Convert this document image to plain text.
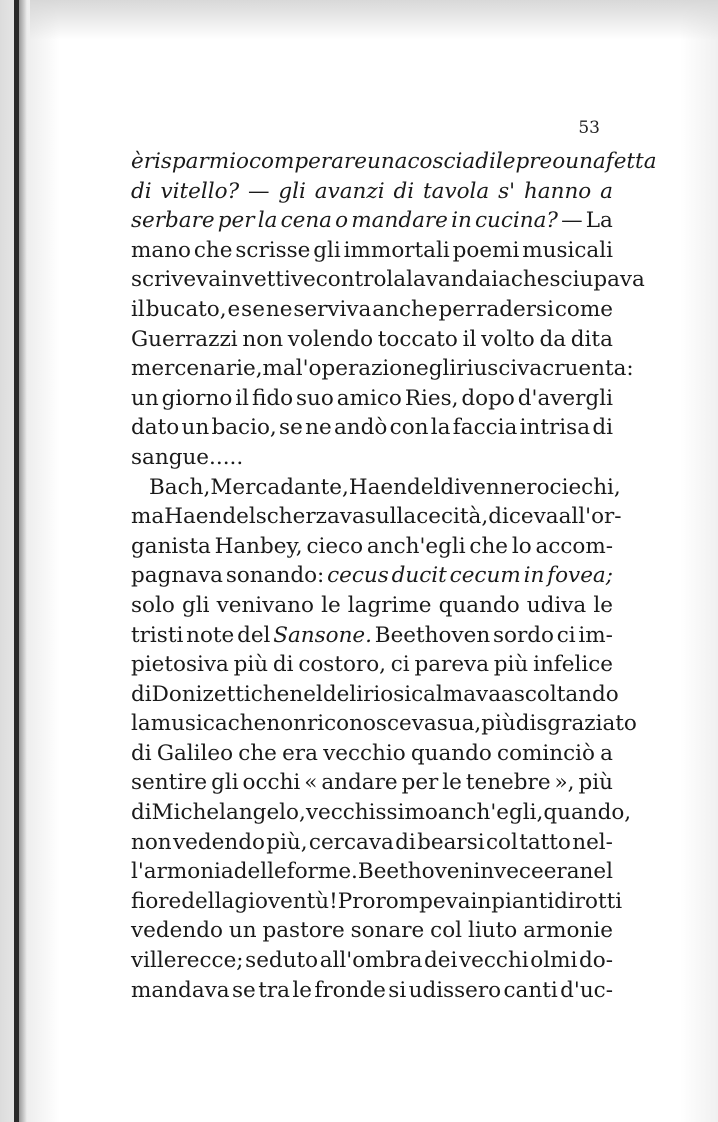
53
è risparmio comperare una coscia di lepre o una fetta
di vitello? — gli avanzi di tavola s' hanno a
serbare per la cena o mandare in cucina? — La
mano che scrisse gli immortali poemi musicali
scriveva invettive contro la lavandaia che sciupava
il bucato, e se ne serviva anche per radersi come
Guerrazzi non volendo toccato il volto da dita
mercenarie, ma l'operazione gli riusciva cruenta:
un giorno il fido suo amico Ries, dopo d'avergli
dato un bacio, se ne andò con la faccia intrisa di
sangue.....
Bach, Mercadante, Haendel divennero ciechi,
ma Haendel scherzava sulla cecità, diceva all'or-
ganista Hanbey, cieco anch'egli che lo accom-
pagnava sonando: cecus ducit cecum in fovea;
solo gli venivano le lagrime quando udiva le
tristi note del Sansone. Beethoven sordo ci im-
pietosiva più di costoro, ci pareva più infelice
di Donizetti che nel delirio si calmava ascoltando
la musica che non riconosceva sua, più disgraziato
di Galileo che era vecchio quando cominciò a
sentire gli occhi « andare per le tenebre », più
di Michelangelo, vecchissimo anch'egli, quando,
non vedendo più, cercava di bearsi col tatto nel-
l'armonia delle forme. Beethoven invece era nel
fiore della gioventù! Prorompeva in pianti dirotti
vedendo un pastore sonare col liuto armonie
villerecce; seduto all'ombra dei vecchi olmi do-
mandava se tra le fronde si udissero canti d'uc-
